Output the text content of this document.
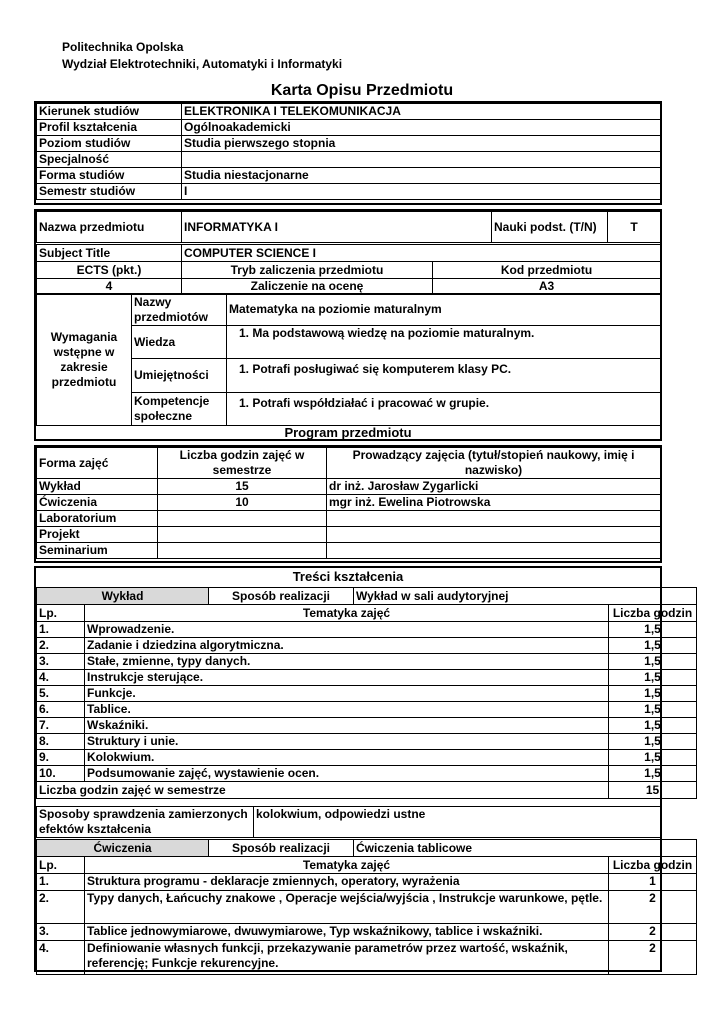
Politechnika Opolska
Wydział Elektrotechniki, Automatyki i Informatyki
Karta Opisu Przedmiotu
Kierunek studiów	ELEKTRONIKA I TELEKOMUNIKACJA
Profil kształcenia	Ogólnoakademicki
Poziom studiów	Studia pierwszego stopnia
Specjalność	
Forma studiów	Studia niestacjonarne
Semestr studiów	I
Nazwa przedmiotu	INFORMATYKA I	Nauki podst. (T/N)	T
Subject Title	COMPUTER SCIENCE I	
ECTS (pkt.)	Tryb zaliczenia przedmiotu	Kod przedmiotu
4	Zaliczenie na ocenę	A3
Wymagania wstępne w zakresie przedmiotu	Nazwy przedmiotów	Matematyka na poziomie maturalnym
	Wiedza	1. Ma podstawową wiedzę na poziomie maturalnym.
	Umiejętności	1. Potrafi posługiwać się komputerem klasy PC.
	Kompetencje społeczne	1. Potrafi współdziałać i pracować w grupie.
Program przedmiotu
Forma zajęć	Liczba godzin zajęć w semestrze	Prowadzący zajęcia (tytuł/stopień naukowy, imię i nazwisko)
Wykład	15	dr inż. Jarosław Zygarlicki
Ćwiczenia	10	mgr inż. Ewelina Piotrowska
Laboratorium		
Projekt		
Seminarium		
Treści kształcenia
Wykład		Sposób realizacji	Wykład w sali audytoryjnej	
Lp.	Tematyka zajęć			Liczba godzin
1.	Wprowadzenie.			1,5
2.	Zadanie i dziedzina algorytmiczna.			1,5
3.	Stałe, zmienne, typy danych.			1,5
4.	Instrukcje sterujące.			1,5
5.	Funkcje.			1,5
6.	Tablice.			1,5
7.	Wskaźniki.			1,5
8.	Struktury i unie.			1,5
9.	Kolokwium.			1,5
10.	Podsumowanie zajęć, wystawienie ocen.			1,5
Liczba godzin zajęć w semestrze				15
Sposoby sprawdzenia zamierzonych efektów kształcenia	kolokwium, odpowiedzi ustne
Ćwiczenia		Sposób realizacji	Ćwiczenia tablicowe	
Lp.	Tematyka zajęć			Liczba godzin
1.	Struktura programu - deklaracje zmiennych, operatory, wyrażenia			1
2.	Typy danych, Łańcuchy znakowe , Operacje wejścia/wyjścia , Instrukcje warunkowe, pętle.			2
3.	Tablice jednowymiarowe, dwuwymiarowe, Typ wskaźnikowy, tablice i wskaźniki.			2
4.	Definiowanie własnych funkcji, przekazywanie parametrów przez wartość, wskaźnik, referencję; Funkcje rekurencyjne.			2
